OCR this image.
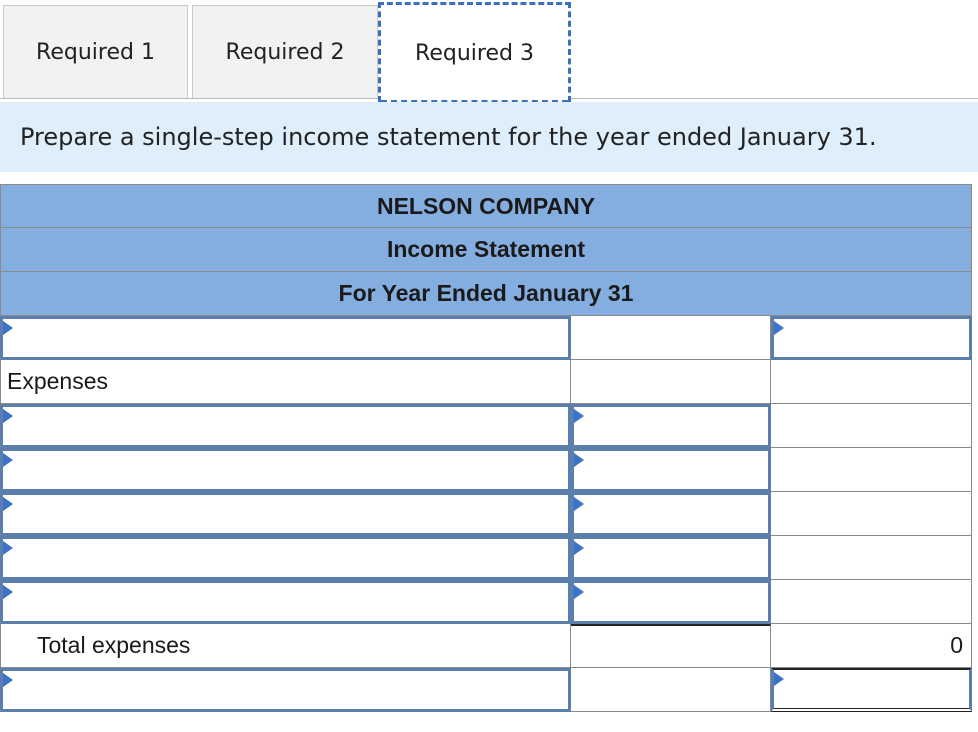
Required 1	Required 2	Required 3
Prepare a single-step income statement for the year ended January 31.
NELSON COMPANY
Income Statement
For Year Ended January 31
Expenses
Total expenses	0
